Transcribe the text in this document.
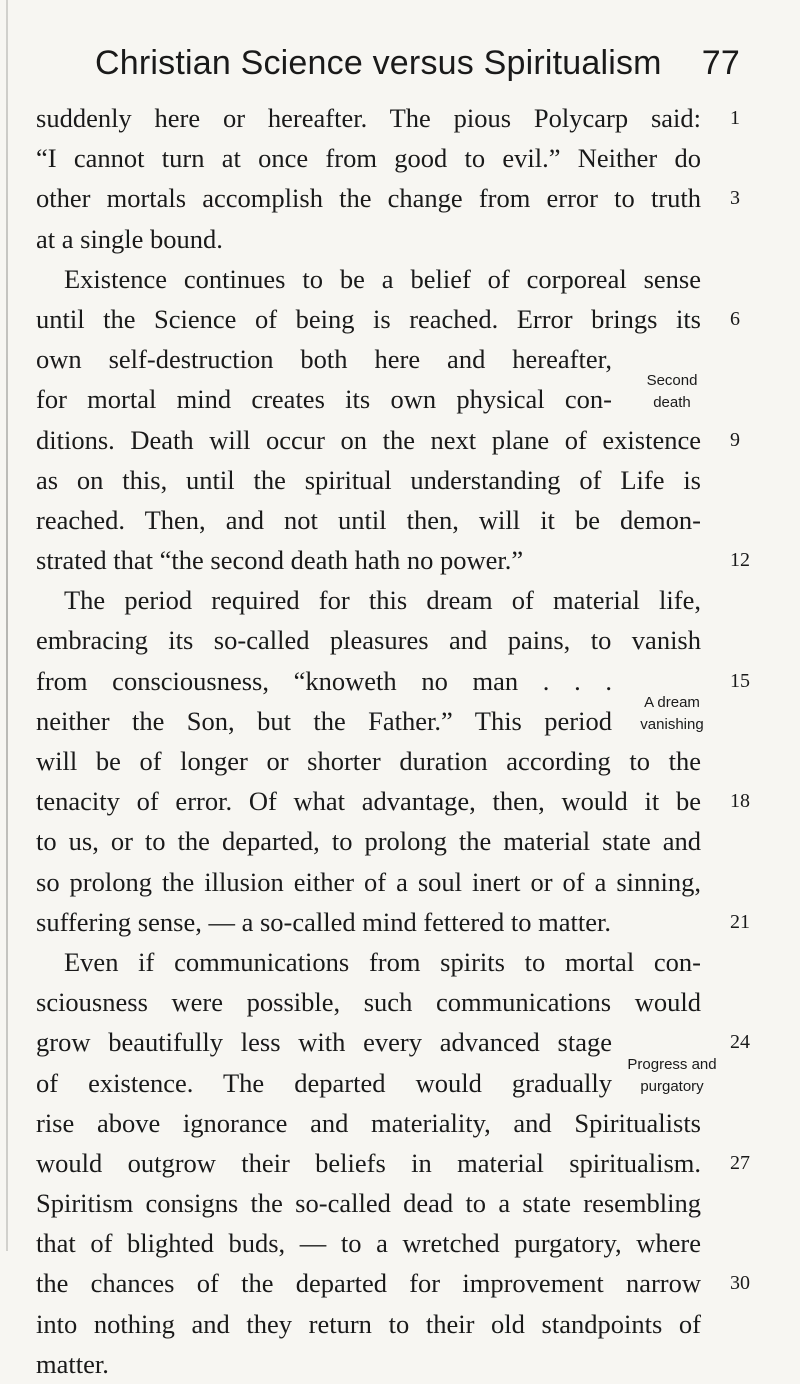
Christian Science versus Spiritualism 77
suddenly here or hereafter. The pious Polycarp said: 1
“I cannot turn at once from good to evil.” Neither do
other mortals accomplish the change from error to truth 3
at a single bound.
Existence continues to be a belief of corporeal sense
until the Science of being is reached. Error brings its 6
own self-destruction both here and hereafter,
for mortal mind creates its own physical con-
ditions. Death will occur on the next plane of existence 9
as on this, until the spiritual understanding of Life is
reached. Then, and not until then, will it be demon-
strated that “the second death hath no power.”	12
The period required for this dream of material life,
embracing its so-called pleasures and pains, to vanish
from consciousness, “knoweth no man . . .	15
neither the Son, but the Father.” This period
will be of longer or shorter duration according to the
tenacity of error. Of what advantage, then, would it be 18
to us, or to the departed, to prolong the material state and
so prolong the illusion either of a soul inert or of a sinning,
suffering sense, — a so-called mind fettered to matter.	21
Even if communications from spirits to mortal con-
sciousness were possible, such communications would
grow beautifully less with every advanced stage	24
of existence. The departed would gradually
rise above ignorance and materiality, and Spiritualists
would outgrow their beliefs in material spiritualism. 27
Spiritism consigns the so-called dead to a state resembling
that of blighted buds, — to a wretched purgatory, where
the chances of the departed for improvement narrow 30
into nothing and they return to their old standpoints of
matter.
Second
death
A dream
vanishing
Progress and
purgatory
